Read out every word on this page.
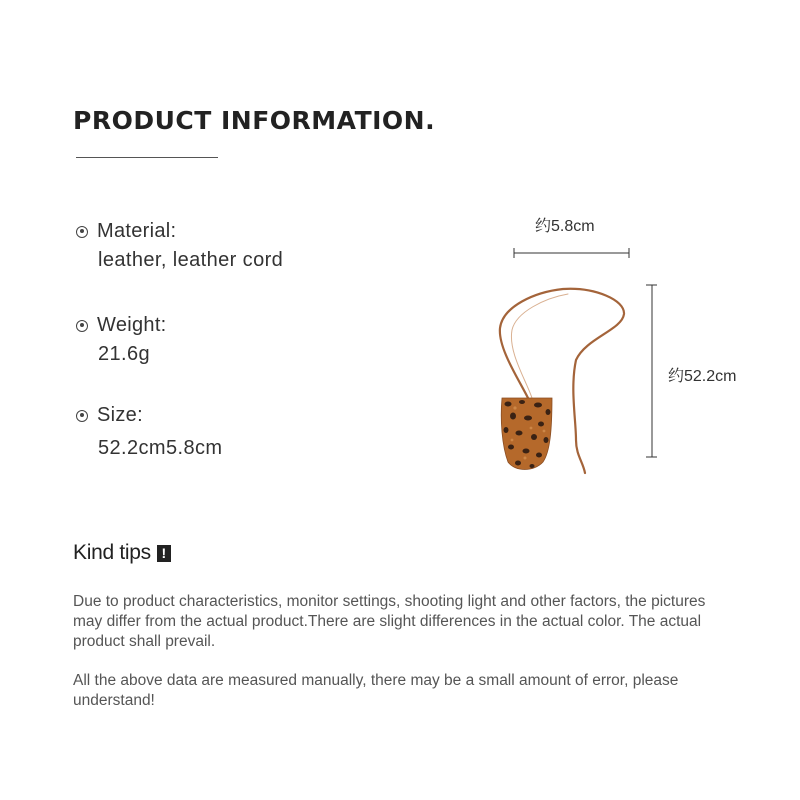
PRODUCT INFORMATION.
Material:
leather, leather cord
Weight:
21.6g
Size:
52.2cm5.8cm
约5.8cm
约52.2cm
Kind tips !

Due to product characteristics, monitor settings, shooting light and other factors, the pictures may differ from the actual product.There are slight differences in the actual color. The actual product shall prevail.

All the above data are measured manually, there may be a small amount of error, please understand!
